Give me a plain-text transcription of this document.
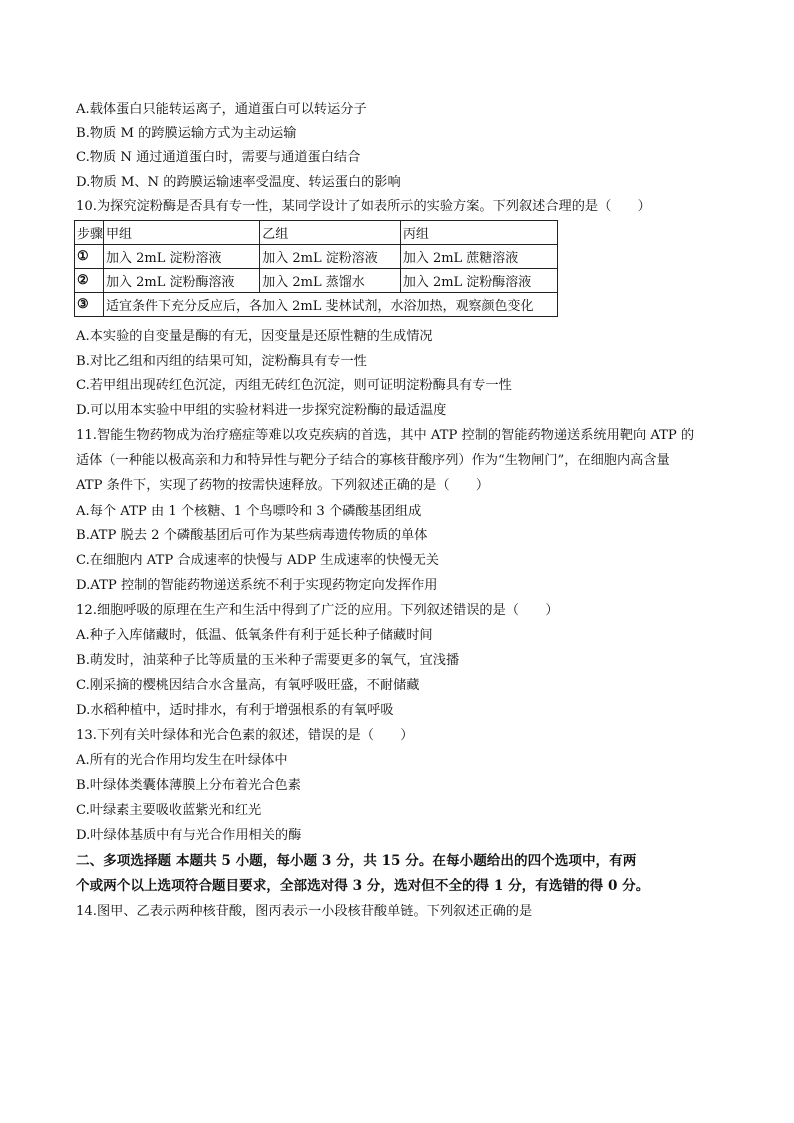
A.载体蛋白只能转运离子，通道蛋白可以转运分子
B.物质 M 的跨膜运输方式为主动运输
C.物质 N 通过通道蛋白时，需要与通道蛋白结合
D.物质 M、N 的跨膜运输速率受温度、转运蛋白的影响
10.为探究淀粉酶是否具有专一性，某同学设计了如表所示的实验方案。下列叙述合理的是（　　）
步骤	甲组	乙组	丙组
①	加入 2mL 淀粉溶液	加入 2mL 淀粉溶液	加入 2mL 蔗糖溶液
②	加入 2mL 淀粉酶溶液	加入 2mL 蒸馏水	加入 2mL 淀粉酶溶液
③	适宜条件下充分反应后，各加入 2mL 斐林试剂，水浴加热，观察颜色变化		
A.本实验的自变量是酶的有无，因变量是还原性糖的生成情况
B.对比乙组和丙组的结果可知，淀粉酶具有专一性
C.若甲组出现砖红色沉淀，丙组无砖红色沉淀，则可证明淀粉酶具有专一性
D.可以用本实验中甲组的实验材料进一步探究淀粉酶的最适温度
11.智能生物药物成为治疗癌症等难以攻克疾病的首选，其中 ATP 控制的智能药物递送系统用靶向 ATP 的
适体（一种能以极高亲和力和特异性与靶分子结合的寡核苷酸序列）作为“生物闸门”，在细胞内高含量
ATP 条件下，实现了药物的按需快速释放。下列叙述正确的是（　　）
A.每个 ATP 由 1 个核糖、1 个鸟嘌呤和 3 个磷酸基团组成
B.ATP 脱去 2 个磷酸基团后可作为某些病毒遗传物质的单体
C.在细胞内 ATP 合成速率的快慢与 ADP 生成速率的快慢无关
D.ATP 控制的智能药物递送系统不利于实现药物定向发挥作用
12.细胞呼吸的原理在生产和生活中得到了广泛的应用。下列叙述错误的是（　　）
A.种子入库储藏时，低温、低氧条件有利于延长种子储藏时间
B.萌发时，油菜种子比等质量的玉米种子需要更多的氧气，宜浅播
C.刚采摘的樱桃因结合水含量高，有氧呼吸旺盛，不耐储藏
D.水稻种植中，适时排水，有利于增强根系的有氧呼吸
13.下列有关叶绿体和光合色素的叙述，错误的是（　　）
A.所有的光合作用均发生在叶绿体中
B.叶绿体类囊体薄膜上分布着光合色素
C.叶绿素主要吸收蓝紫光和红光
D.叶绿体基质中有与光合作用相关的酶
二、多项选择题 本题共 5 小题，每小题 3 分，共 15 分。在每小题给出的四个选项中，有两
个或两个以上选项符合题目要求，全部选对得 3 分，选对但不全的得 1 分，有选错的得 0 分。
14.图甲、乙表示两种核苷酸，图丙表示一小段核苷酸单链。下列叙述正确的是
